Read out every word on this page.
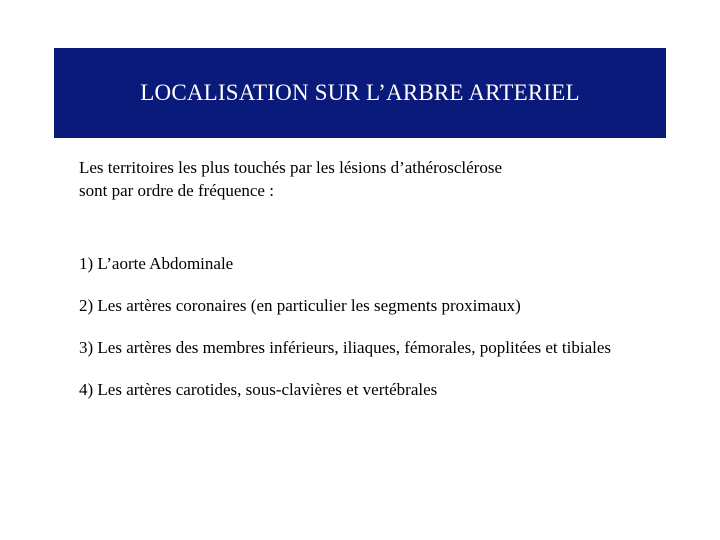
LOCALISATION SUR L’ARBRE ARTERIEL

Les territoires les plus touchés par les lésions d’athérosclérose
sont par ordre de fréquence :

1) L’aorte Abdominale
2) Les artères coronaires (en particulier les segments proximaux)
3) Les artères des membres inférieurs, iliaques, fémorales, poplitées et tibiales
4) Les artères carotides, sous-clavières et vertébrales
